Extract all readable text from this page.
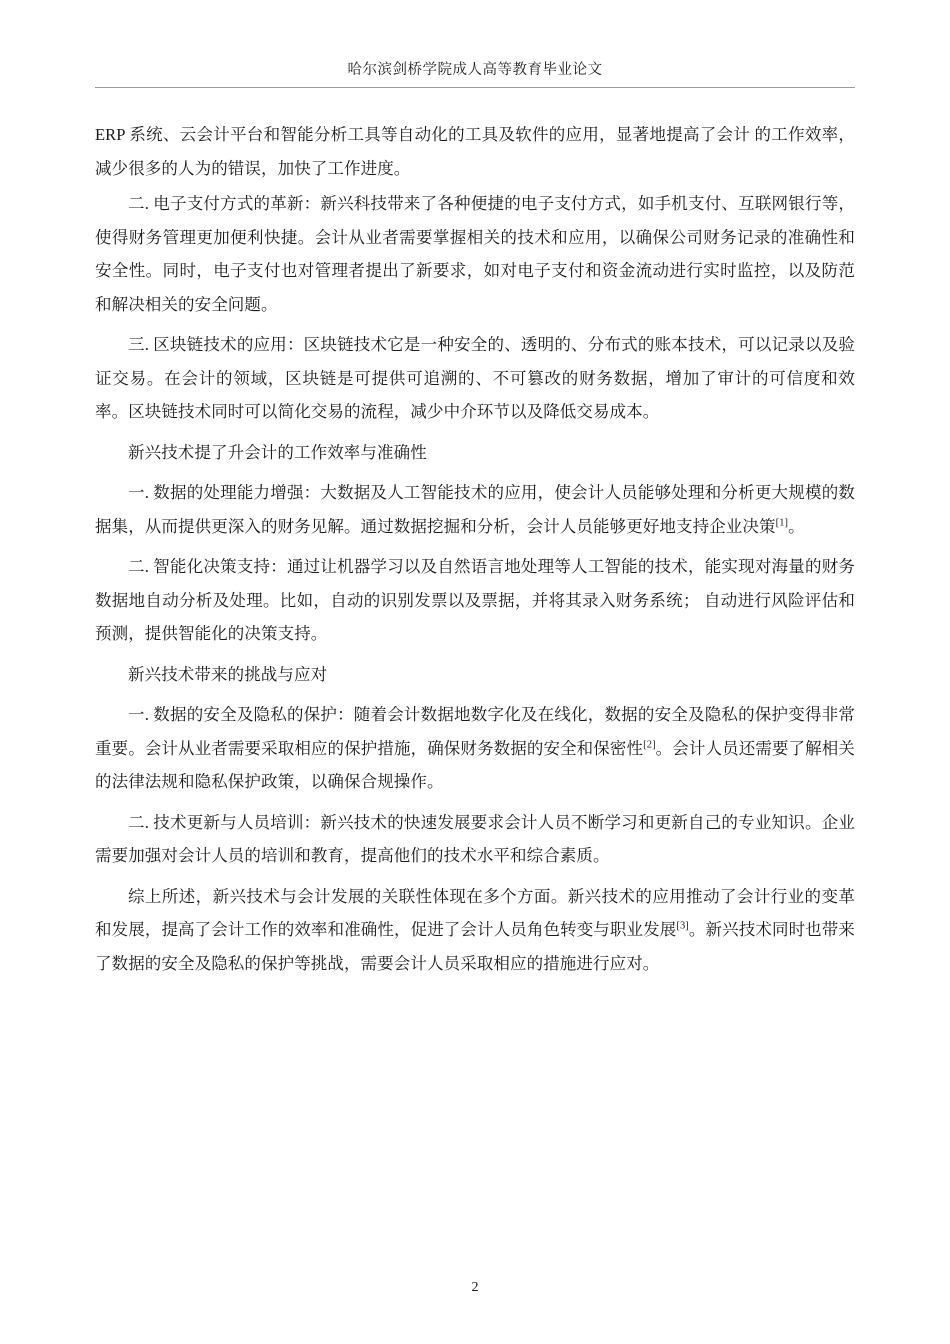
哈尔滨剑桥学院成人高等教育毕业论文

ERP 系统、云会计平台和智能分析工具等自动化的工具及软件的应用，显著地提高了会计 的工作效率，减少很多的人为的错误，加快了工作进度。

二. 电子支付方式的革新：新兴科技带来了各种便捷的电子支付方式，如手机支付、互联网银行等，使得财务管理更加便利快捷。会计从业者需要掌握相关的技术和应用，以确保公司财务记录的准确性和安全性。同时，电子支付也对管理者提出了新要求，如对电子支付和资金流动进行实时监控，以及防范和解决相关的安全问题。

三. 区块链技术的应用：区块链技术它是一种安全的、透明的、分布式的账本技术，可以记录以及验证交易。在会计的领域，区块链是可提供可追溯的、不可篡改的财务数据，增加了审计的可信度和效率。区块链技术同时可以简化交易的流程，减少中介环节以及降低交易成本。

新兴技术提了升会计的工作效率与准确性

一. 数据的处理能力增强：大数据及人工智能技术的应用，使会计人员能够处理和分析更大规模的数据集，从而提供更深入的财务见解。通过数据挖掘和分析，会计人员能够更好地支持企业决策[1]。

二. 智能化决策支持：通过让机器学习以及自然语言地处理等人工智能的技术，能实现对海量的财务数据地自动分析及处理。比如，自动的识别发票以及票据，并将其录入财务系统； 自动进行风险评估和预测，提供智能化的决策支持。

新兴技术带来的挑战与应对

一. 数据的安全及隐私的保护：随着会计数据地数字化及在线化，数据的安全及隐私的保护变得非常重要。会计从业者需要采取相应的保护措施，确保财务数据的安全和保密性[2]。会计人员还需要了解相关的法律法规和隐私保护政策，以确保合规操作。

二. 技术更新与人员培训：新兴技术的快速发展要求会计人员不断学习和更新自己的专业知识。企业需要加强对会计人员的培训和教育，提高他们的技术水平和综合素质。

综上所述，新兴技术与会计发展的关联性体现在多个方面。新兴技术的应用推动了会计行业的变革和发展，提高了会计工作的效率和准确性，促进了会计人员角色转变与职业发展[3]。新兴技术同时也带来了数据的安全及隐私的保护等挑战，需要会计人员采取相应的措施进行应对。

2
